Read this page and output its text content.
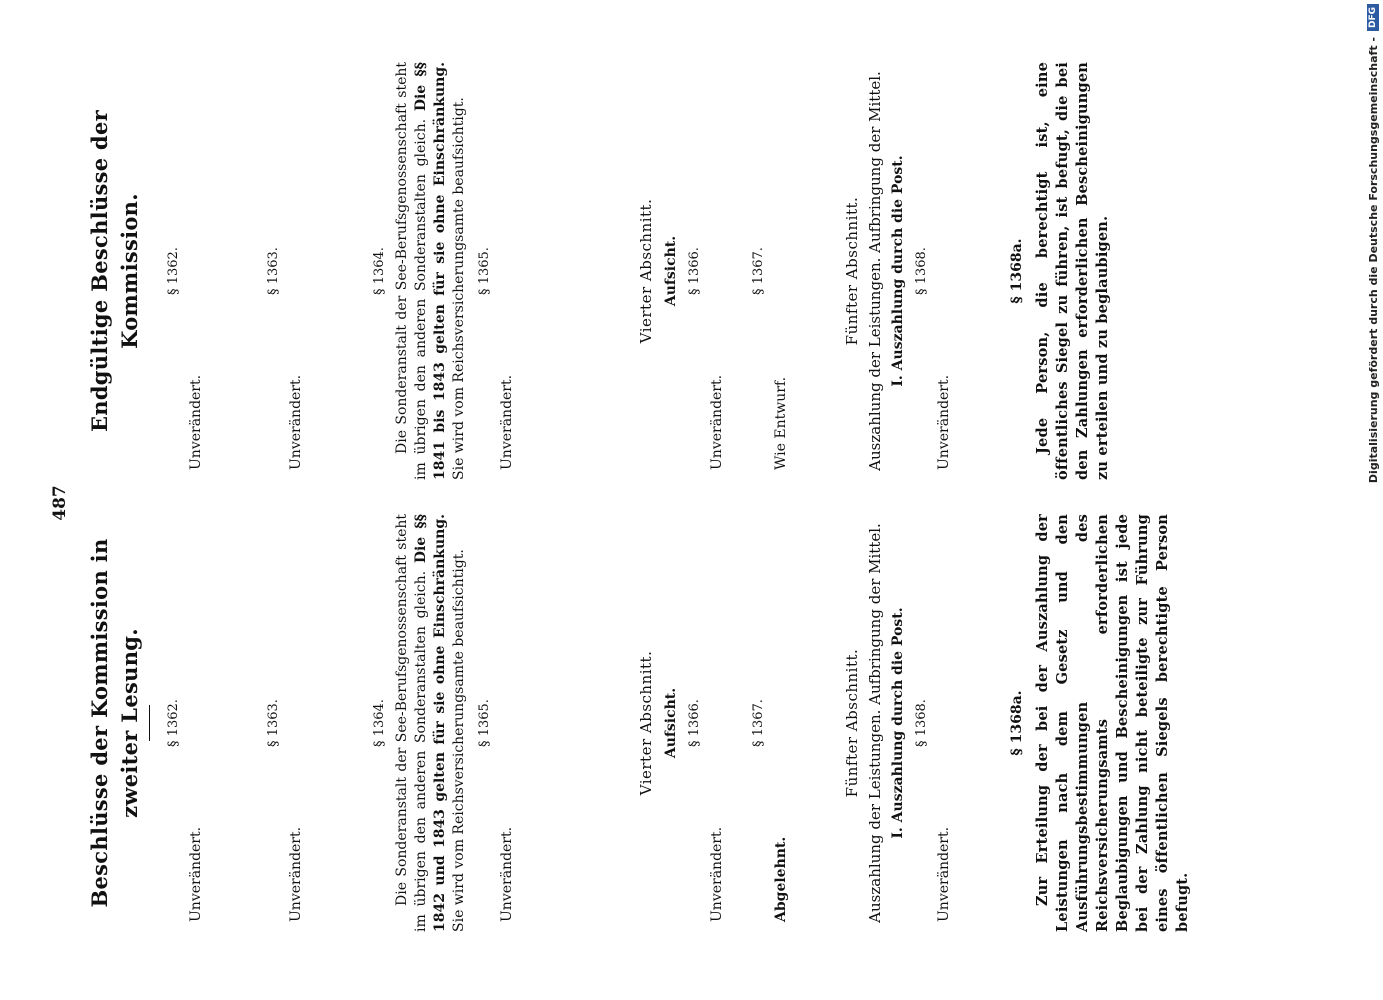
487
Beschlüsse der Kommission in zweiter Lesung. § 1362.

Unverändert.

§ 1363.

Unverändert.

§ 1364. Die Sonderanstalt der See-Berufsgenossenschaft steht im übrigen den anderen Sonderanstalten gleich. Die §§ 1842 und 1843 gelten für sie ohne Einschränkung. Sie wird vom Reichsversicherungsamte beaufsichtigt. § 1365.

Unverändert.

Vierter Abschnitt. Aufsicht. § 1366.

Unverändert.

§ 1367.

Abgelehnt.

Fünfter Abschnitt. Auszahlung der Leistungen. Aufbringung der Mittel. I. Auszahlung durch die Post. § 1368.

Unverändert.

§ 1368a. Zur Erteilung der bei der Auszahlung der Leistungen nach dem Gesetz und den Ausführungsbestimmungen des Reichsversicherungsamts erforderlichen Beglaubigungen und Bescheinigungen ist jede bei der Zahlung nicht beteiligte zur Führung eines öffentlichen Siegels berechtigte Person befugt.

Endgültige Beschlüsse der Kommission. § 1362.

Unverändert.

§ 1363.

Unverändert.

§ 1364. Die Sonderanstalt der See-Berufsgenossenschaft steht im übrigen den anderen Sonderanstalten gleich. Die §§ 1841 bis 1843 gelten für sie ohne Einschränkung. Sie wird vom Reichsversicherungsamte beaufsichtigt. § 1365.

Unverändert.

Vierter Abschnitt. Aufsicht. § 1366.

Unverändert.

§ 1367.

Wie Entwurf.

Fünfter Abschnitt. Auszahlung der Leistungen. Aufbringung der Mittel. I. Auszahlung durch die Post. § 1368.

Unverändert.

§ 1368a. Jede Person, die berechtigt ist, eine öffentliches Siegel zu führen, ist befugt, die bei den Zahlungen erforderlichen Bescheinigungen zu erteilen und zu beglaubigen.	Digitalisierung gefördert durch die Deutsche Forschungsgemeinschaft -
DFG
